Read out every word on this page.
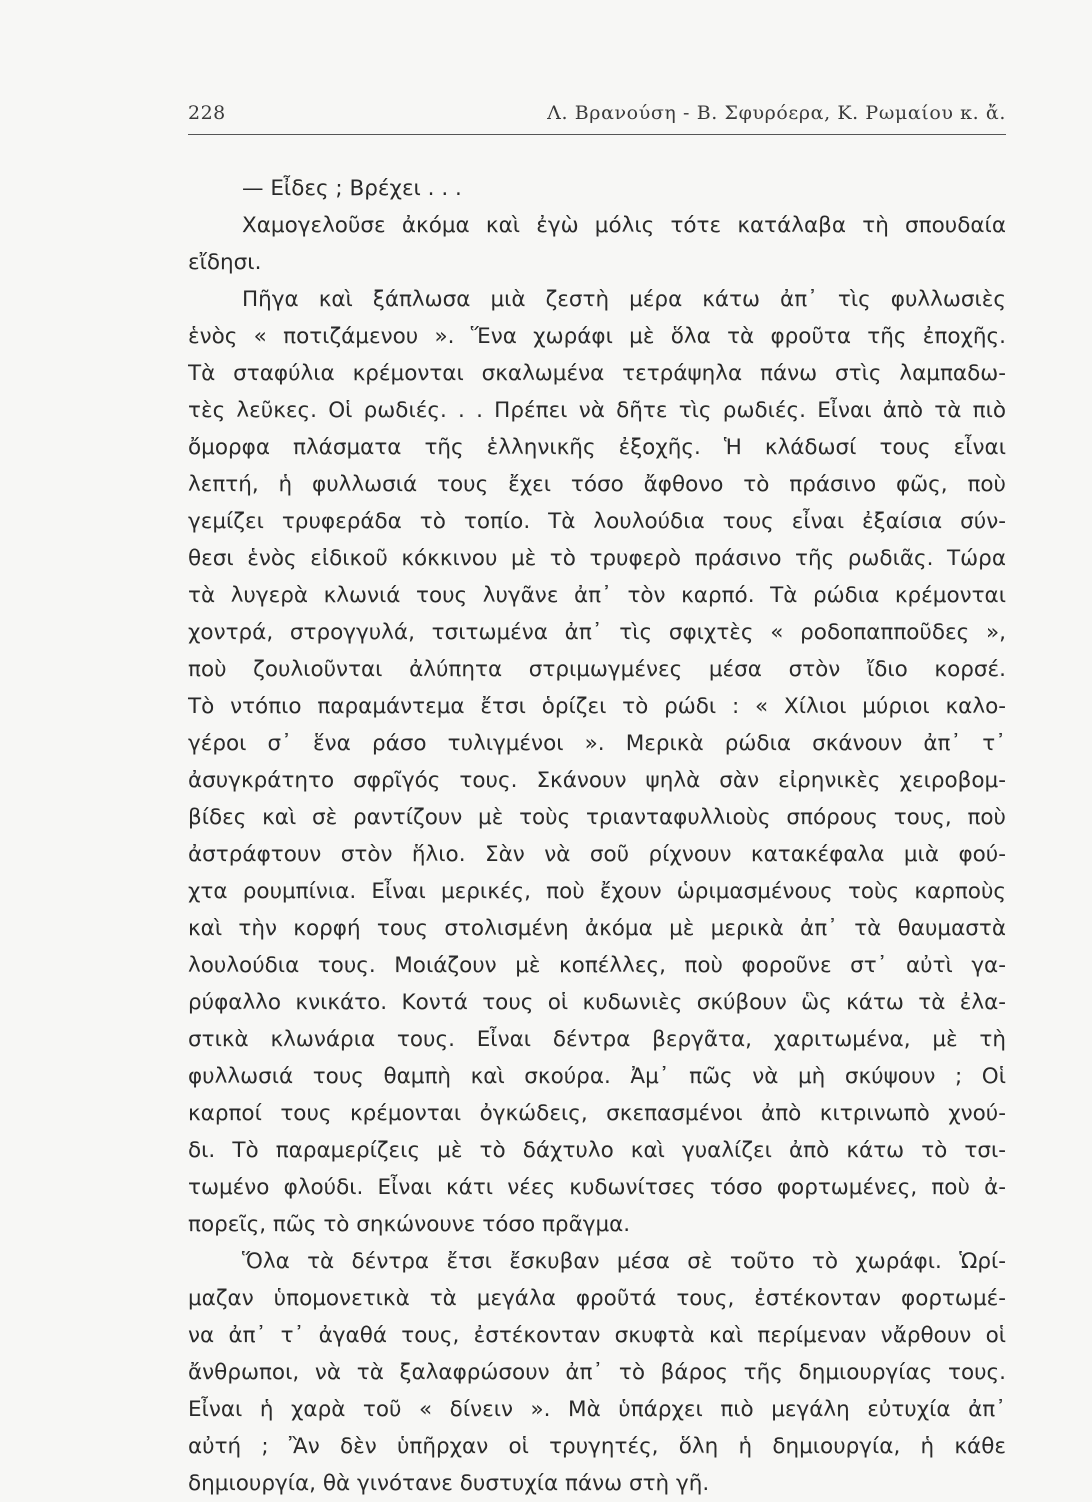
228	Λ. Βρανούση - Β. Σφυρόερα, Κ. Ρωμαίου κ. ἄ.
— Εἶδες ; Βρέχει . . .
Χαμογελοῦσε ἀκόμα καὶ ἐγὼ μόλις τότε κατάλαβα τὴ σπουδαία
εἴδησι.
Πῆγα καὶ ξάπλωσα μιὰ ζεστὴ μέρα κάτω ἀπ᾽ τὶς φυλλωσιὲς
ἑνὸς « ποτιζάμενου ». Ἕνα χωράφι μὲ ὅλα τὰ φροῦτα τῆς ἐποχῆς.
Τὰ σταφύλια κρέμονται σκαλωμένα τετράψηλα πάνω στὶς λαμπαδω-
τὲς λεῦκες. Οἱ ρωδιές. . . Πρέπει νὰ δῆτε τὶς ρωδιές. Εἶναι ἀπὸ τὰ πιὸ
ὄμορφα πλάσματα τῆς ἑλληνικῆς ἐξοχῆς. Ἡ κλάδωσί τους εἶναι
λεπτή, ἡ φυλλωσιά τους ἔχει τόσο ἄφθονο τὸ πράσινο φῶς, ποὺ
γεμίζει τρυφεράδα τὸ τοπίο. Τὰ λουλούδια τους εἶναι ἐξαίσια σύν-
θεσι ἑνὸς εἰδικοῦ κόκκινου μὲ τὸ τρυφερὸ πράσινο τῆς ρωδιᾶς. Τώρα
τὰ λυγερὰ κλωνιά τους λυγᾶνε ἀπ᾽ τὸν καρπό. Τὰ ρώδια κρέμονται
χοντρά, στρογγυλά, τσιτωμένα ἀπ᾽ τὶς σφιχτὲς « ροδοπαπποῦδες »,
ποὺ ζουλιοῦνται ἀλύπητα στριμωγμένες μέσα στὸν ἴδιο κορσέ.
Τὸ ντόπιο παραμάντεμα ἔτσι ὁρίζει τὸ ρώδι : « Χίλιοι μύριοι καλο-
γέροι σ᾽ ἕνα ράσο τυλιγμένοι ». Μερικὰ ρώδια σκάνουν ἀπ᾽ τ᾽
ἀσυγκράτητο σφρῖγός τους. Σκάνουν ψηλὰ σὰν εἰρηνικὲς χειροβομ-
βίδες καὶ σὲ ραντίζουν μὲ τοὺς τριανταφυλλιοὺς σπόρους τους, ποὺ
ἀστράφτουν στὸν ἥλιο. Σὰν νὰ σοῦ ρίχνουν κατακέφαλα μιὰ φού-
χτα ρουμπίνια. Εἶναι μερικές, ποὺ ἔχουν ὡριμασμένους τοὺς καρποὺς
καὶ τὴν κορφή τους στολισμένη ἀκόμα μὲ μερικὰ ἀπ᾽ τὰ θαυμαστὰ
λουλούδια τους. Μοιάζουν μὲ κοπέλλες, ποὺ φοροῦνε στ᾽ αὐτὶ γα-
ρύφαλλο κνικάτο. Κοντά τους οἱ κυδωνιὲς σκύβουν ὣς κάτω τὰ ἐλα-
στικὰ κλωνάρια τους. Εἶναι δέντρα βεργᾶτα, χαριτωμένα, μὲ τὴ
φυλλωσιά τους θαμπὴ καὶ σκούρα. Ἀμ᾽ πῶς νὰ μὴ σκύψουν ; Οἱ
καρποί τους κρέμονται ὀγκώδεις, σκεπασμένοι ἀπὸ κιτρινωπὸ χνού-
δι. Τὸ παραμερίζεις μὲ τὸ δάχτυλο καὶ γυαλίζει ἀπὸ κάτω τὸ τσι-
τωμένο φλούδι. Εἶναι κάτι νέες κυδωνίτσες τόσο φορτωμένες, ποὺ ἀ-
πορεῖς, πῶς τὸ σηκώνουνε τόσο πρᾶγμα.
Ὅλα τὰ δέντρα ἔτσι ἔσκυβαν μέσα σὲ τοῦτο τὸ χωράφι. Ὡρί-
μαζαν ὑπομονετικὰ τὰ μεγάλα φροῦτά τους, ἐστέκονταν φορτωμέ-
να ἀπ᾽ τ᾽ ἀγαθά τους, ἐστέκονταν σκυφτὰ καὶ περίμεναν νἄρθουν οἱ
ἄνθρωποι, νὰ τὰ ξαλαφρώσουν ἀπ᾽ τὸ βάρος τῆς δημιουργίας τους.
Εἶναι ἡ χαρὰ τοῦ « δίνειν ». Μὰ ὑπάρχει πιὸ μεγάλη εὐτυχία ἀπ᾽
αὐτή ; Ἂν δὲν ὑπῆρχαν οἱ τρυγητές, ὅλη ἡ δημιουργία, ἡ κάθε
δημιουργία, θὰ γινότανε δυστυχία πάνω στὴ γῆ.
